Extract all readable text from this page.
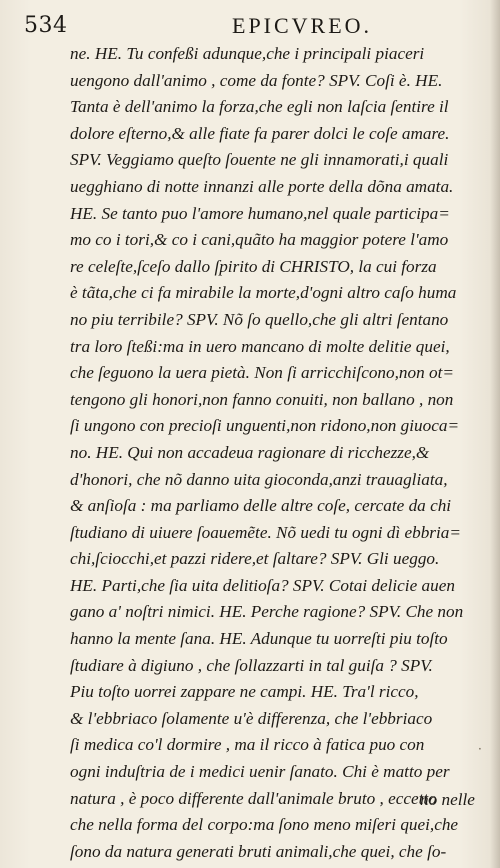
534	EPICVREO.
ne. HE. Tu confeßi adunque,che i principali piaceri
uengono dall'animo , come da fonte? SPV. Coſi è. HE.
Tanta è dell'animo la forza,che egli non laſcia ſentire il
dolore eſterno,& alle fiate fa parer dolci le coſe amare.
SPV. Veggiamo queſto ſouente ne gli innamorati,i quali
uegghiano di notte innanzi alle porte della dõna amata.
HE. Se tanto puo l'amore humano,nel quale participa=
mo co i tori,& co i cani,quãto ha maggior potere l'amo
re celeſte,ſceſo dallo ſpirito di CHRISTO, la cui forza
è tãta,che ci fa mirabile la morte,d'ogni altro caſo huma
no piu terribile? SPV. Nõ ſo quello,che gli altri ſentano
tra loro ſteßi:ma in uero mancano di molte delitie quei,
che ſeguono la uera pietà. Non ſi arricchiſcono,non ot=
tengono gli honori,non fanno conuiti, non ballano , non
ſi ungono con precioſi unguenti,non ridono,non giuoca=
no. HE. Qui non accadeua ragionare di ricchezze,&
d'honori, che nõ danno uita gioconda,anzi trauagliata,
& anſioſa : ma parliamo delle altre coſe, cercate da chi
ſtudiano di uiuere ſoauemẽte. Nõ uedi tu ogni dì ebbria=
chi,ſciocchi,et pazzi ridere,et ſaltare? SPV. Gli ueggo.
HE. Parti,che ſia uita delitioſa? SPV. Cotai delicie auen
gano a' noſtri nimici. HE. Perche ragione? SPV. Che non
hanno la mente ſana. HE. Adunque tu uorreſti piu toſto
ſtudiare à digiuno , che ſollazzarti in tal guiſa ? SPV.
Piu toſto uorrei zappare ne campi. HE. Tra'l ricco,
& l'ebbriaco ſolamente u'è differenza, che l'ebbriaco
ſi medica co'l dormire , ma il ricco à fatica puo con
ogni induſtria de i medici uenir ſanato. Chi è matto per
natura , è poco differente dall'animale bruto , eccetto
che nella forma del corpo:ma ſono meno miſeri quei,che
ſono da natura generati bruti animali,che quei, che ſo-
no nelle
·
